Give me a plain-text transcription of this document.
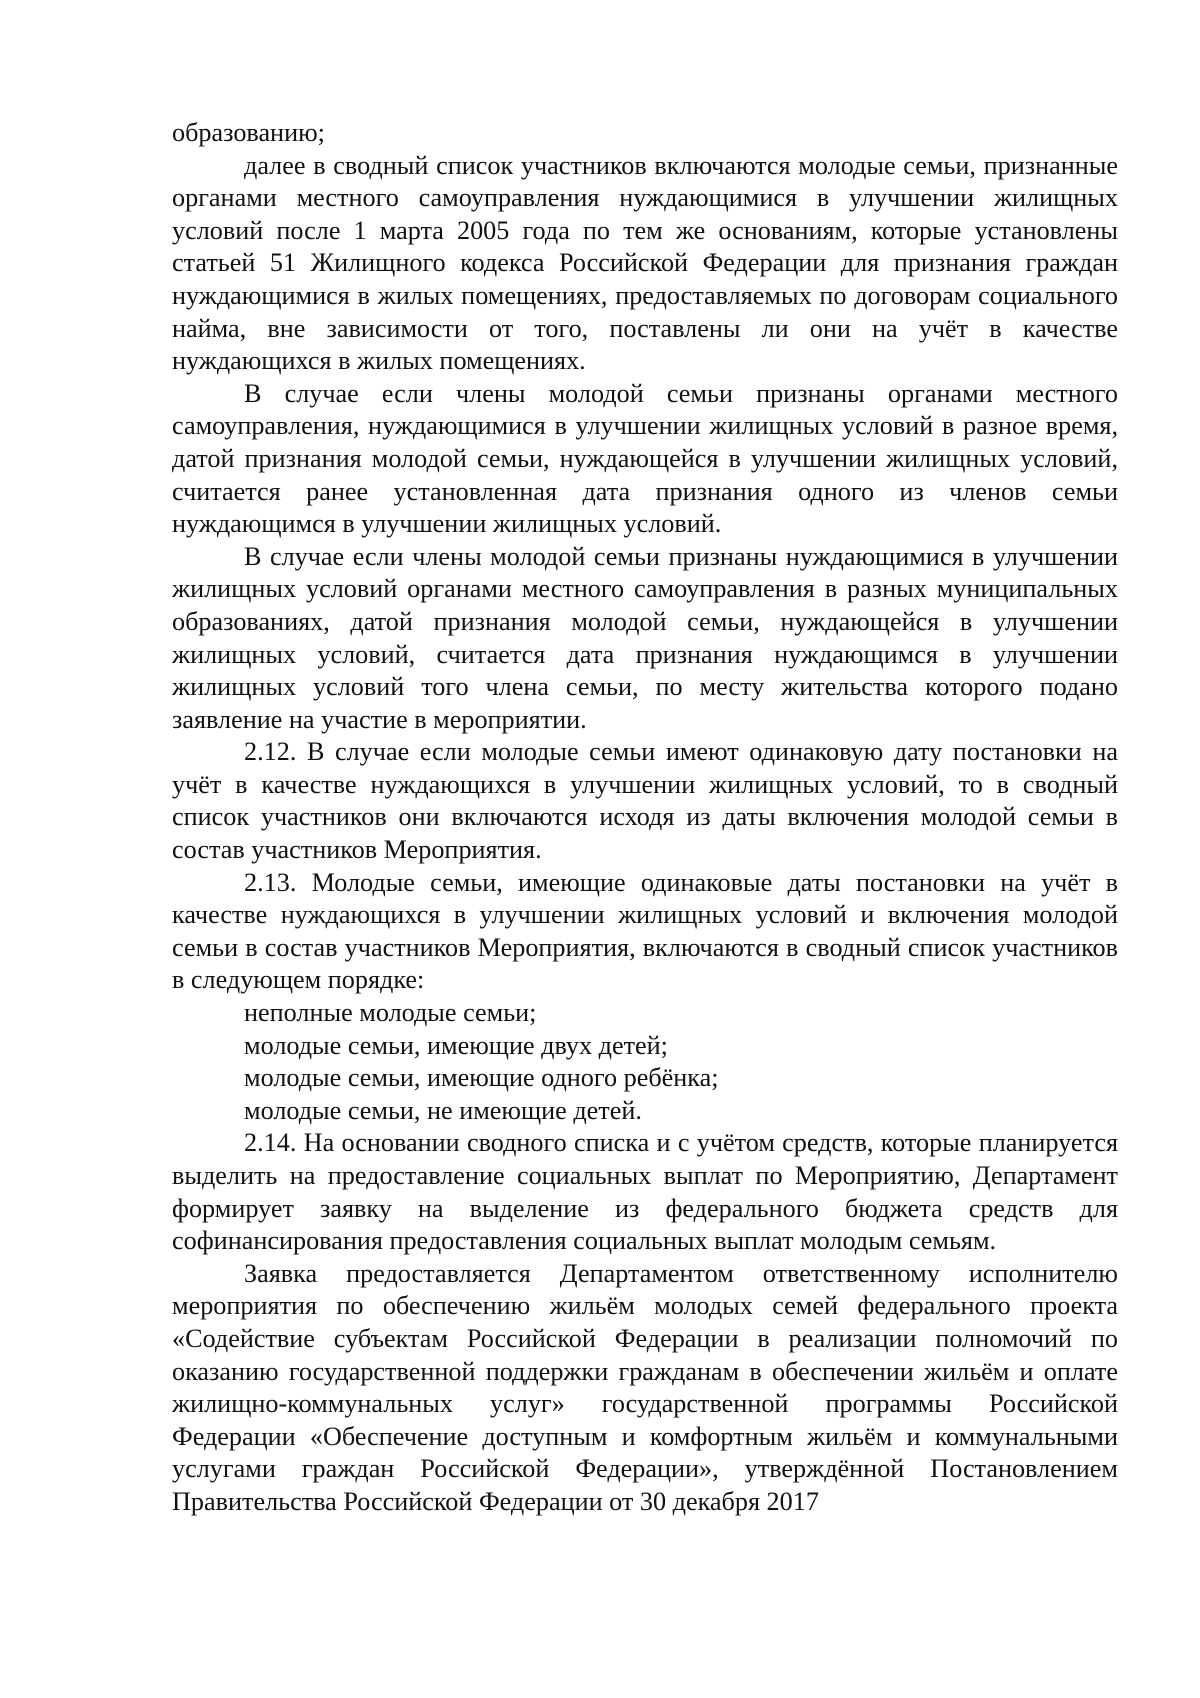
образованию;

далее в сводный список участников включаются молодые семьи, признанные органами местного самоуправления нуждающимися в улучшении жилищных условий после 1 марта 2005 года по тем же основаниям, которые установлены статьей 51 Жилищного кодекса Российской Федерации для признания граждан нуждающимися в жилых помещениях, предоставляемых по договорам социального найма, вне зависимости от того, поставлены ли они на учёт в качестве нуждающихся в жилых помещениях.

В случае если члены молодой семьи признаны органами местного самоуправления, нуждающимися в улучшении жилищных условий в разное время, датой признания молодой семьи, нуждающейся в улучшении жилищных условий, считается ранее установленная дата признания одного из членов семьи нуждающимся в улучшении жилищных условий.

В случае если члены молодой семьи признаны нуждающимися в улучшении жилищных условий органами местного самоуправления в разных муниципальных образованиях, датой признания молодой семьи, нуждающейся в улучшении жилищных условий, считается дата признания нуждающимся в улучшении жилищных условий того члена семьи, по месту жительства которого подано заявление на участие в мероприятии.

2.12. В случае если молодые семьи имеют одинаковую дату постановки на учёт в качестве нуждающихся в улучшении жилищных условий, то в сводный список участников они включаются исходя из даты включения молодой семьи в состав участников Мероприятия.

2.13. Молодые семьи, имеющие одинаковые даты постановки на учёт в качестве нуждающихся в улучшении жилищных условий и включения молодой семьи в состав участников Мероприятия, включаются в сводный список участников в следующем порядке:

неполные молодые семьи;

молодые семьи, имеющие двух детей;

молодые семьи, имеющие одного ребёнка;

молодые семьи, не имеющие детей.

2.14. На основании сводного списка и с учётом средств, которые планируется выделить на предоставление социальных выплат по Мероприятию, Департамент формирует заявку на выделение из федерального бюджета средств для софинансирования предоставления социальных выплат молодым семьям.

Заявка предоставляется Департаментом ответственному исполнителю мероприятия по обеспечению жильём молодых семей федерального проекта «Содействие субъектам Российской Федерации в реализации полномочий по оказанию государственной поддержки гражданам в обеспечении жильём и оплате жилищно-коммунальных услуг» государственной программы Российской Федерации «Обеспечение доступным и комфортным жильём и коммунальными услугами граждан Российской Федерации», утверждённой Постановлением Правительства Российской Федерации от 30 декабря 2017
